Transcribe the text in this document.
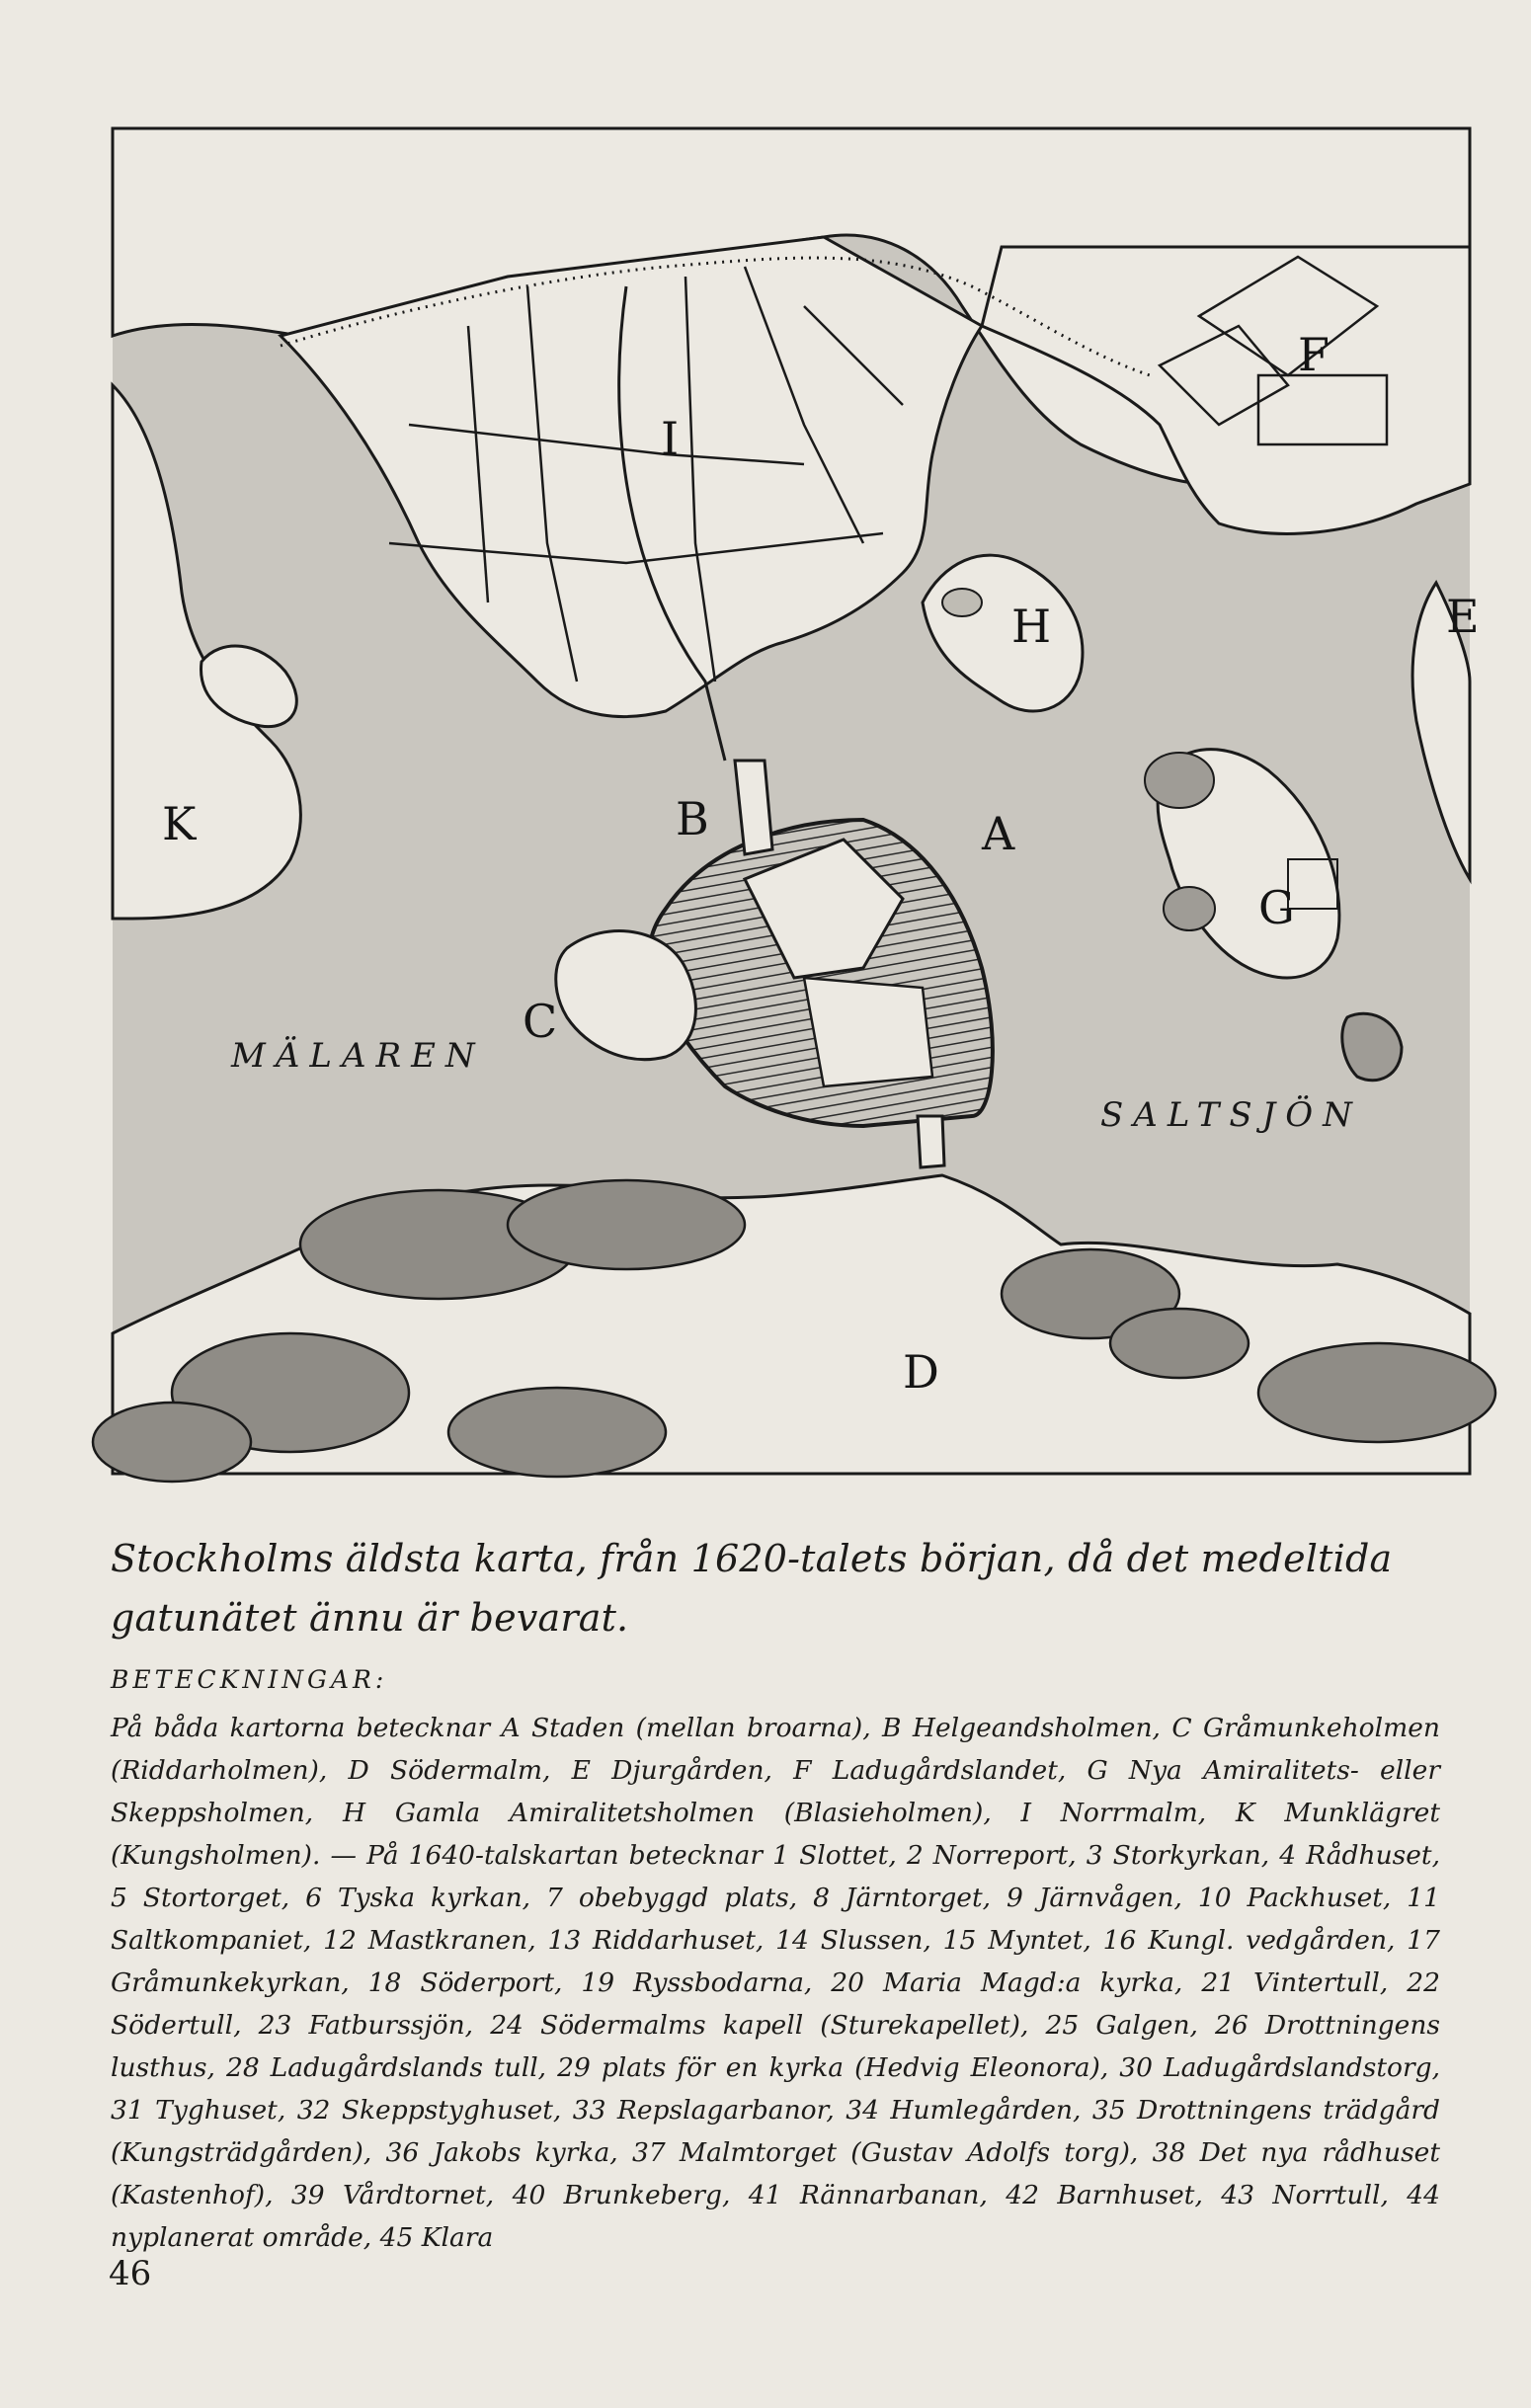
F
I
H	E
K	B	A
G
C
D
MÄLAREN
SALTSJÖN

Stockholms äldsta karta, från 1620-talets början, då det medeltida gatunätet ännu är bevarat.

BETECKNINGAR:

På båda kartorna betecknar A Staden (mellan broarna), B Helgeandsholmen, C Gråmunkeholmen (Riddarholmen), D Södermalm, E Djurgården, F Ladugårdslandet, G Nya Amiralitets- eller Skeppsholmen, H Gamla Amiralitetsholmen (Blasieholmen), I Norrmalm, K Munklägret (Kungsholmen). — På 1640-talskartan betecknar 1 Slottet, 2 Norreport, 3 Storkyrkan, 4 Rådhuset, 5 Stortorget, 6 Tyska kyrkan, 7 obebyggd plats, 8 Järntorget, 9 Järnvågen, 10 Packhuset, 11 Saltkompaniet, 12 Mastkranen, 13 Riddarhuset, 14 Slussen, 15 Myntet, 16 Kungl. vedgården, 17 Gråmunkekyrkan, 18 Söderport, 19 Ryssbodarna, 20 Maria Magd:a kyrka, 21 Vintertull, 22 Södertull, 23 Fatburssjön, 24 Södermalms kapell (Sturekapellet), 25 Galgen, 26 Drottningens lusthus, 28 Ladugårdslands tull, 29 plats för en kyrka (Hedvig Eleonora), 30 Ladugårdslandstorg, 31 Tyghuset, 32 Skeppstyghuset, 33 Repslagarbanor, 34 Humlegården, 35 Drottningens trädgård (Kungsträdgården), 36 Jakobs kyrka, 37 Malmtorget (Gustav Adolfs torg), 38 Det nya rådhuset (Kastenhof), 39 Vårdtornet, 40 Brunkeberg, 41 Rännarbanan, 42 Barnhuset, 43 Norrtull, 44 nyplanerat område, 45 Klara

46
